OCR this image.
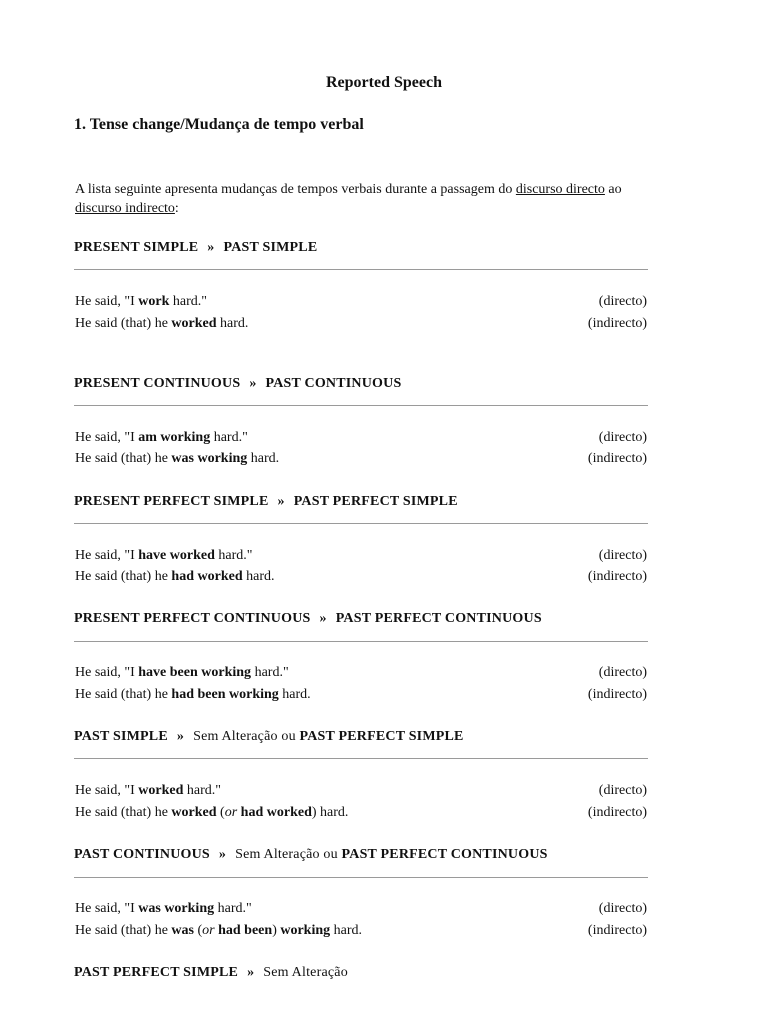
Reported Speech
1. Tense change/Mudança de tempo verbal
A lista seguinte apresenta mudanças de tempos verbais durante a passagem do discurso directo ao discurso indirecto:
PRESENT SIMPLE » PAST SIMPLE
He said, "I work hard."	(directo)
He said (that) he worked hard.	(indirecto)
PRESENT CONTINUOUS » PAST CONTINUOUS
He said, "I am working hard."	(directo)
He said (that) he was working hard.	(indirecto)
PRESENT PERFECT SIMPLE » PAST PERFECT SIMPLE
He said, "I have worked hard."	(directo)
He said (that) he had worked hard.	(indirecto)
PRESENT PERFECT CONTINUOUS » PAST PERFECT CONTINUOUS
He said, "I have been working hard."	(directo)
He said (that) he had been working hard.	(indirecto)
PAST SIMPLE » Sem Alteração ou PAST PERFECT SIMPLE
He said, "I worked hard."	(directo)
He said (that) he worked (or had worked) hard.	(indirecto)
PAST CONTINUOUS » Sem Alteração ou PAST PERFECT CONTINUOUS
He said, "I was working hard."	(directo)
He said (that) he was (or had been) working hard.	(indirecto)
PAST PERFECT SIMPLE » Sem Alteração
